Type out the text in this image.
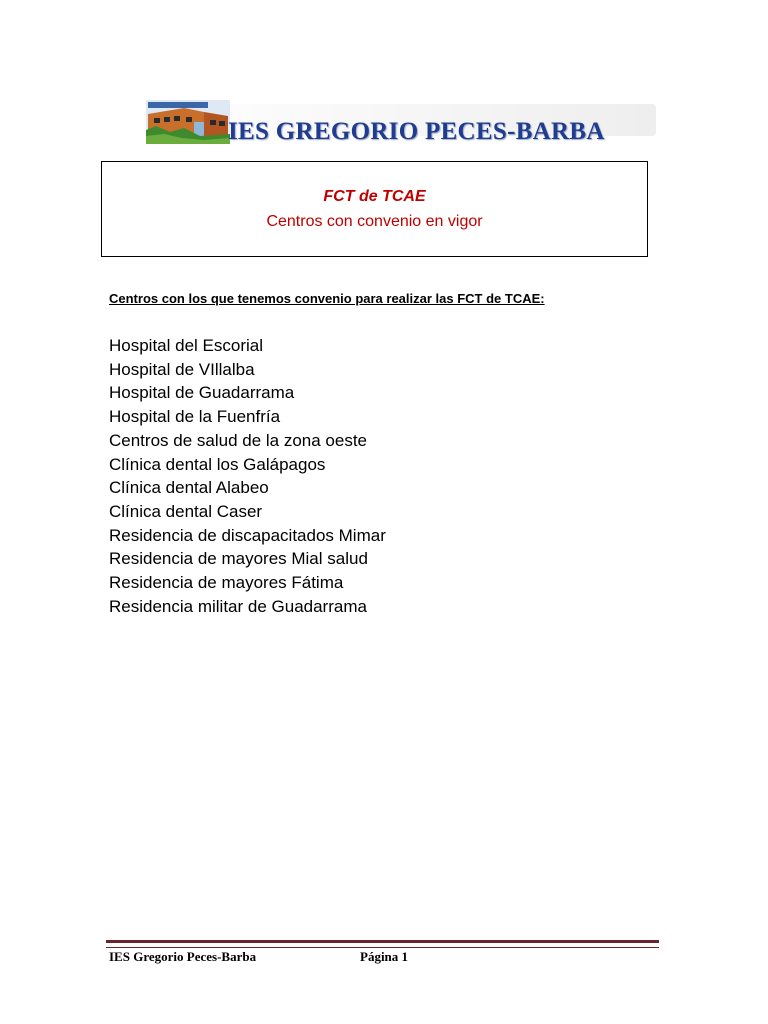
IES GREGORIO PECES-BARBA
FCT de TCAE
Centros con convenio en vigor
Centros con los que tenemos convenio para realizar las FCT de TCAE:
Hospital del Escorial
Hospital de VIllalba
Hospital de Guadarrama
Hospital de la Fuenfría
Centros de salud de la zona oeste
Clínica dental los Galápagos
Clínica dental Alabeo
Clínica dental Caser
Residencia de discapacitados Mimar
Residencia de mayores Mial salud
Residencia de mayores Fátima
Residencia militar de Guadarrama
IES Gregorio Peces-Barba	Página 1
